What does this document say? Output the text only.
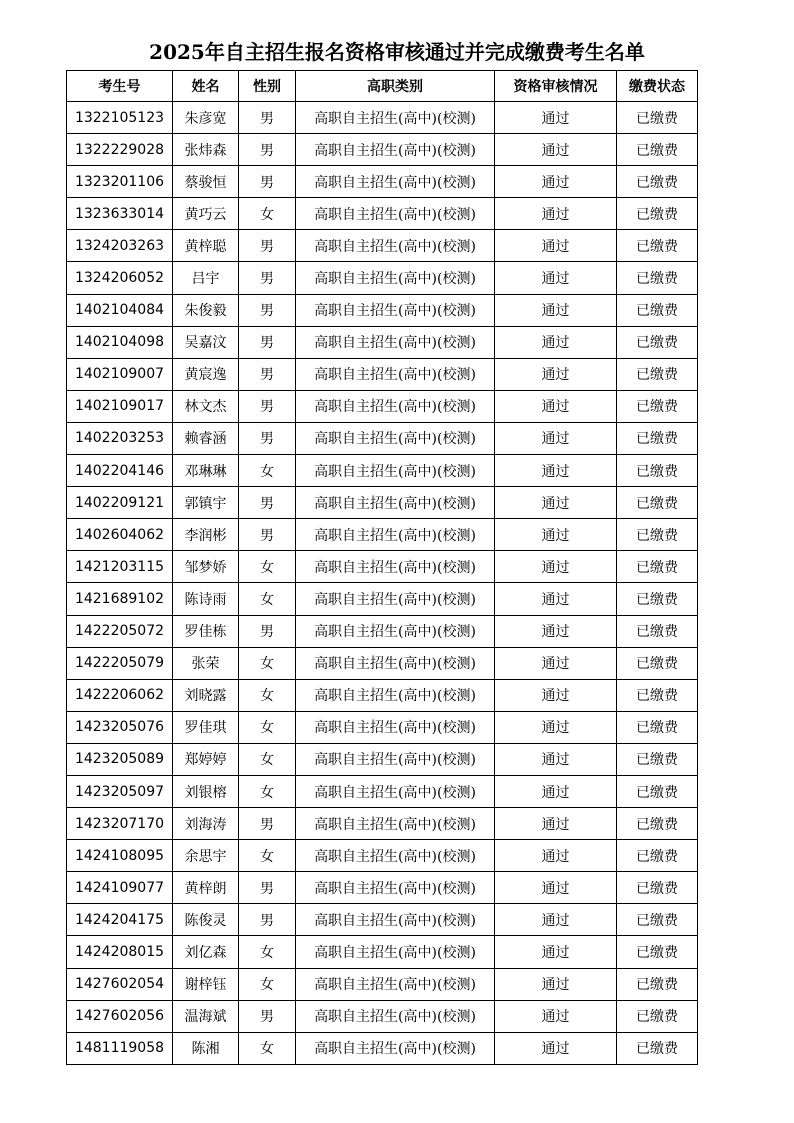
2025年自主招生报名资格审核通过并完成缴费考生名单
考生号	姓名	性别	高职类别	资格审核情况	缴费状态
1322105123	朱彦宽	男	高职自主招生(高中)(校测)	通过	已缴费
1322229028	张炜森	男	高职自主招生(高中)(校测)	通过	已缴费
1323201106	蔡骏恒	男	高职自主招生(高中)(校测)	通过	已缴费
1323633014	黄巧云	女	高职自主招生(高中)(校测)	通过	已缴费
1324203263	黄梓聪	男	高职自主招生(高中)(校测)	通过	已缴费
1324206052	吕宇	男	高职自主招生(高中)(校测)	通过	已缴费
1402104084	朱俊毅	男	高职自主招生(高中)(校测)	通过	已缴费
1402104098	吴嘉汶	男	高职自主招生(高中)(校测)	通过	已缴费
1402109007	黄宸逸	男	高职自主招生(高中)(校测)	通过	已缴费
1402109017	林文杰	男	高职自主招生(高中)(校测)	通过	已缴费
1402203253	赖睿涵	男	高职自主招生(高中)(校测)	通过	已缴费
1402204146	邓琳琳	女	高职自主招生(高中)(校测)	通过	已缴费
1402209121	郭镇宇	男	高职自主招生(高中)(校测)	通过	已缴费
1402604062	李润彬	男	高职自主招生(高中)(校测)	通过	已缴费
1421203115	邹梦娇	女	高职自主招生(高中)(校测)	通过	已缴费
1421689102	陈诗雨	女	高职自主招生(高中)(校测)	通过	已缴费
1422205072	罗佳栋	男	高职自主招生(高中)(校测)	通过	已缴费
1422205079	张荣	女	高职自主招生(高中)(校测)	通过	已缴费
1422206062	刘晓露	女	高职自主招生(高中)(校测)	通过	已缴费
1423205076	罗佳琪	女	高职自主招生(高中)(校测)	通过	已缴费
1423205089	郑婷婷	女	高职自主招生(高中)(校测)	通过	已缴费
1423205097	刘银榕	女	高职自主招生(高中)(校测)	通过	已缴费
1423207170	刘海涛	男	高职自主招生(高中)(校测)	通过	已缴费
1424108095	余思宇	女	高职自主招生(高中)(校测)	通过	已缴费
1424109077	黄梓朗	男	高职自主招生(高中)(校测)	通过	已缴费
1424204175	陈俊灵	男	高职自主招生(高中)(校测)	通过	已缴费
1424208015	刘亿森	女	高职自主招生(高中)(校测)	通过	已缴费
1427602054	谢梓钰	女	高职自主招生(高中)(校测)	通过	已缴费
1427602056	温海斌	男	高职自主招生(高中)(校测)	通过	已缴费
1481119058	陈湘	女	高职自主招生(高中)(校测)	通过	已缴费
